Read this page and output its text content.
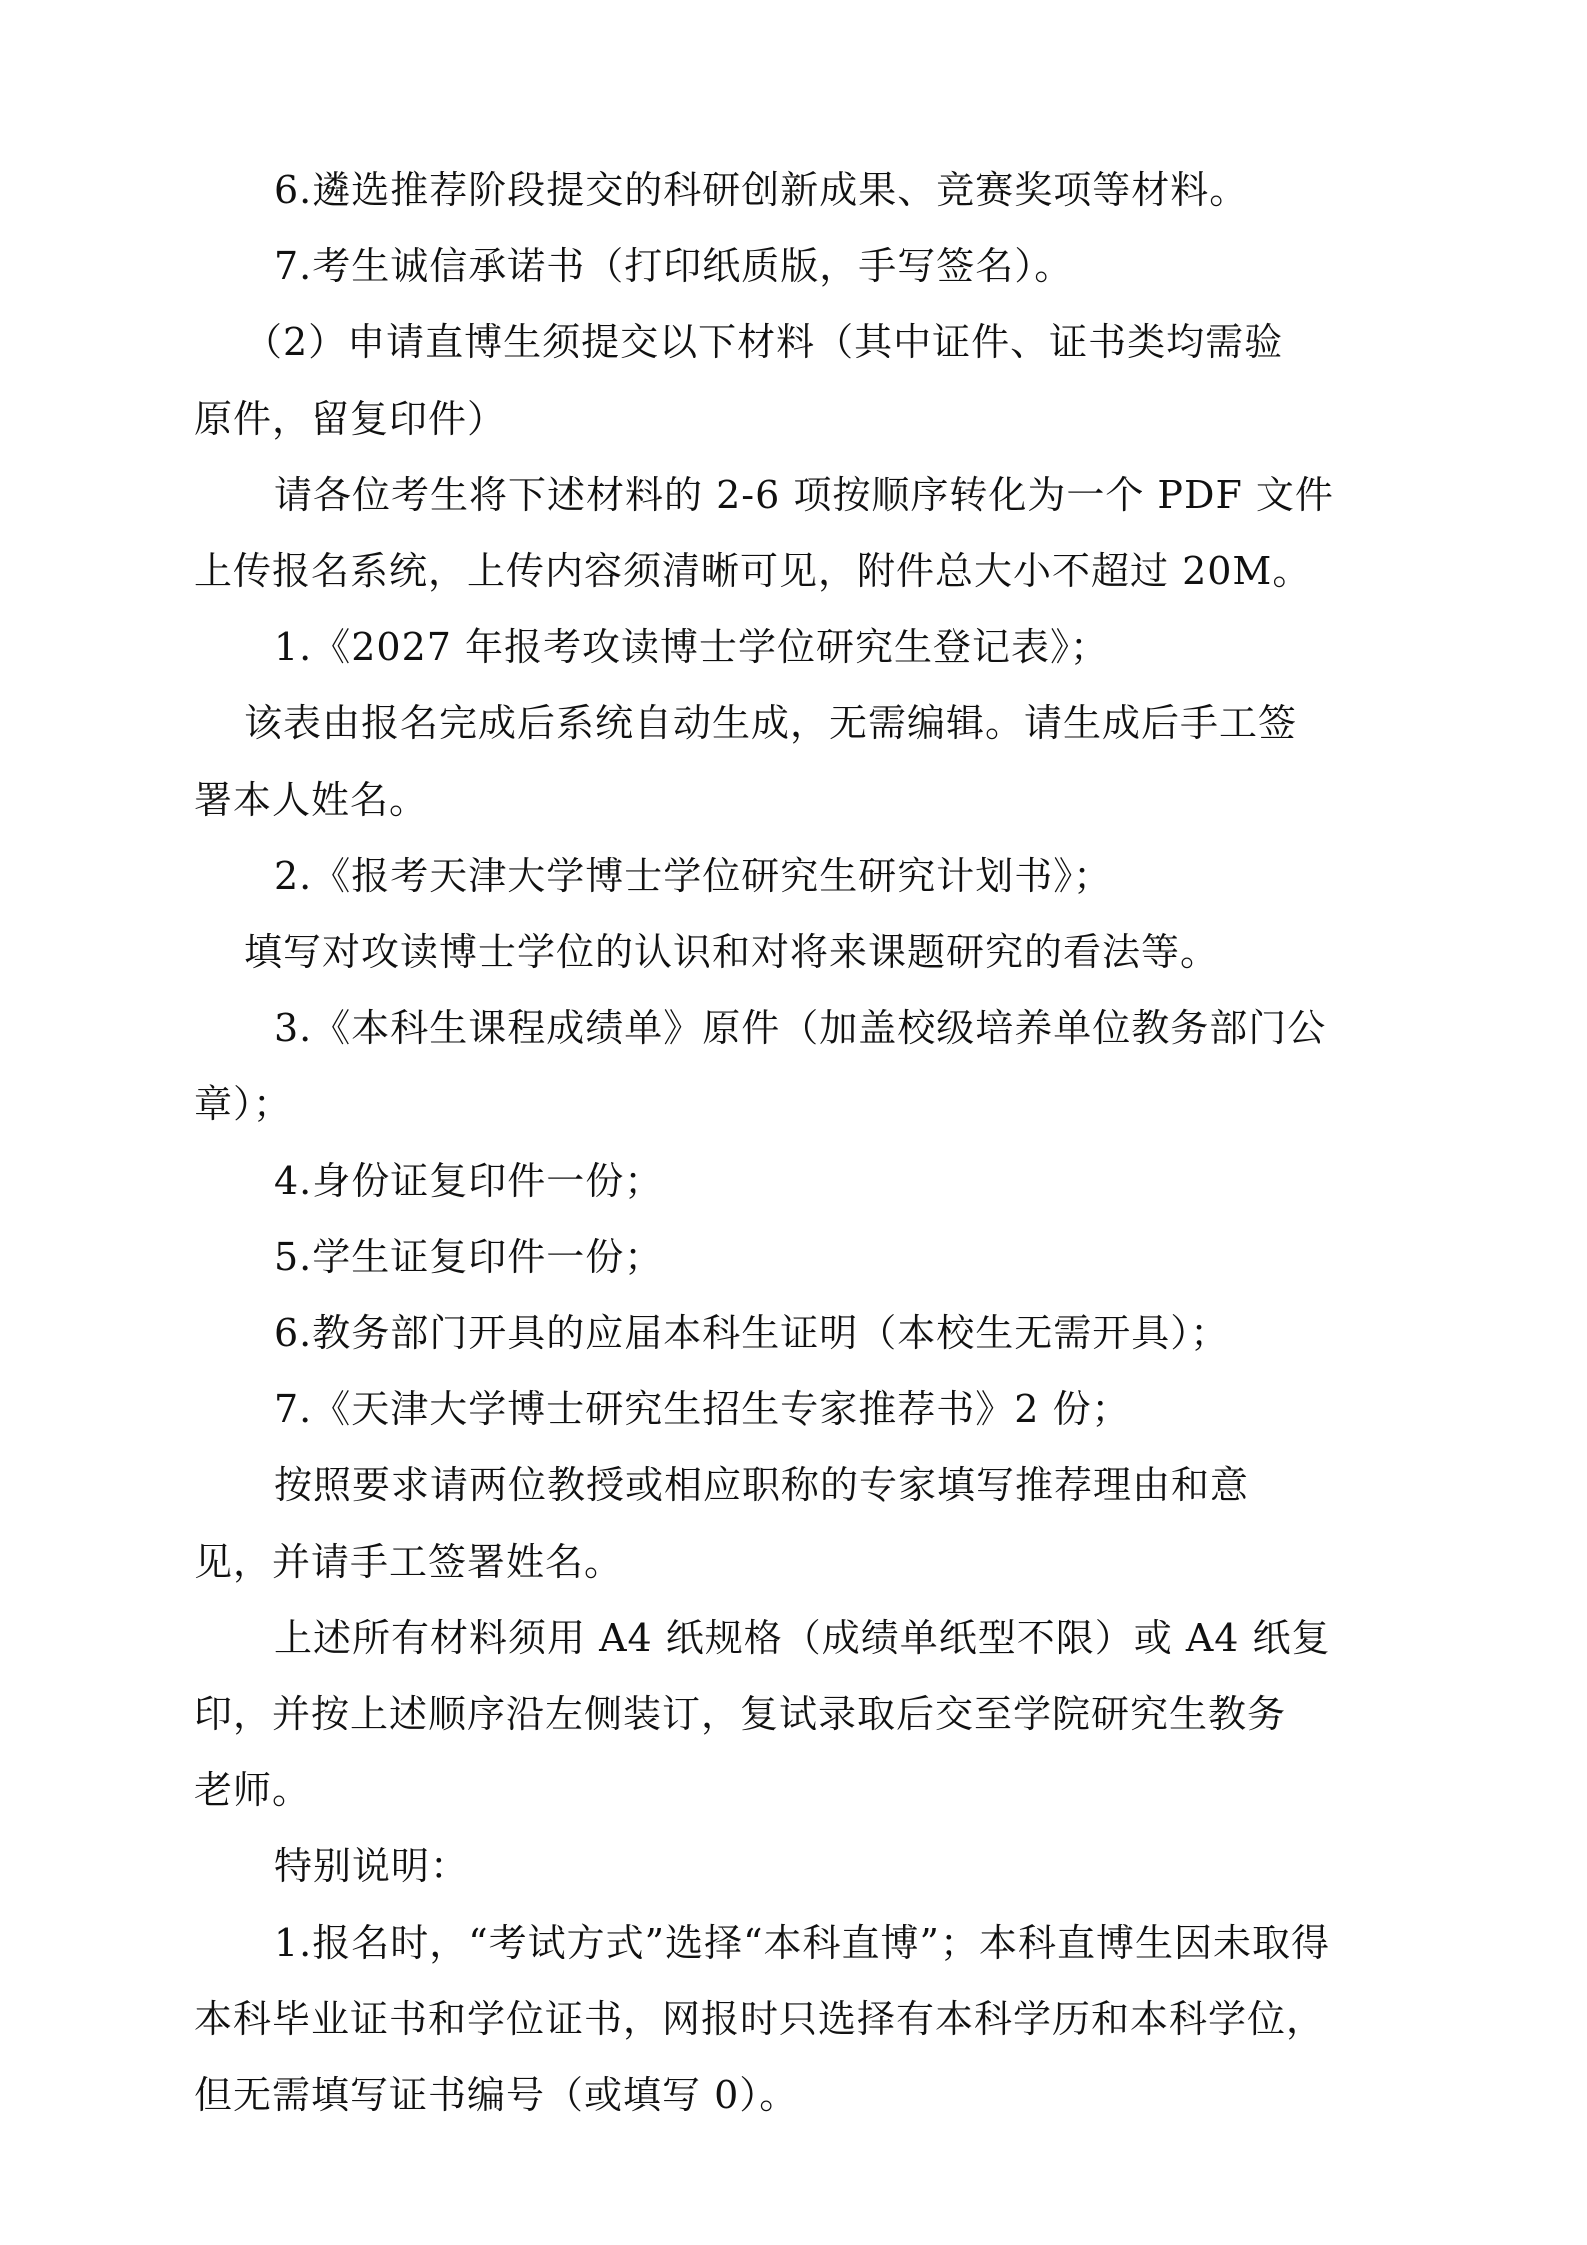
6.遴选推荐阶段提交的科研创新成果、竞赛奖项等材料。
7.考生诚信承诺书（打印纸质版，手写签名）。
（2）申请直博生须提交以下材料（其中证件、证书类均需验
原件，留复印件）
请各位考生将下述材料的 2-6 项按顺序转化为一个 PDF 文件
上传报名系统，上传内容须清晰可见，附件总大小不超过 20M。
1.《2027 年报考攻读博士学位研究生登记表》；
该表由报名完成后系统自动生成，无需编辑。请生成后手工签
署本人姓名。
2.《报考天津大学博士学位研究生研究计划书》；
填写对攻读博士学位的认识和对将来课题研究的看法等。
3.《本科生课程成绩单》原件（加盖校级培养单位教务部门公
章）；
4.身份证复印件一份；
5.学生证复印件一份；
6.教务部门开具的应届本科生证明（本校生无需开具）；
7.《天津大学博士研究生招生专家推荐书》2 份；
按照要求请两位教授或相应职称的专家填写推荐理由和意
见，并请手工签署姓名。
上述所有材料须用 A4 纸规格（成绩单纸型不限）或 A4 纸复
印，并按上述顺序沿左侧装订，复试录取后交至学院研究生教务
老师。
特别说明：
1.报名时，“考试方式”选择“本科直博”；本科直博生因未取得
本科毕业证书和学位证书，网报时只选择有本科学历和本科学位，
但无需填写证书编号（或填写 0）。
